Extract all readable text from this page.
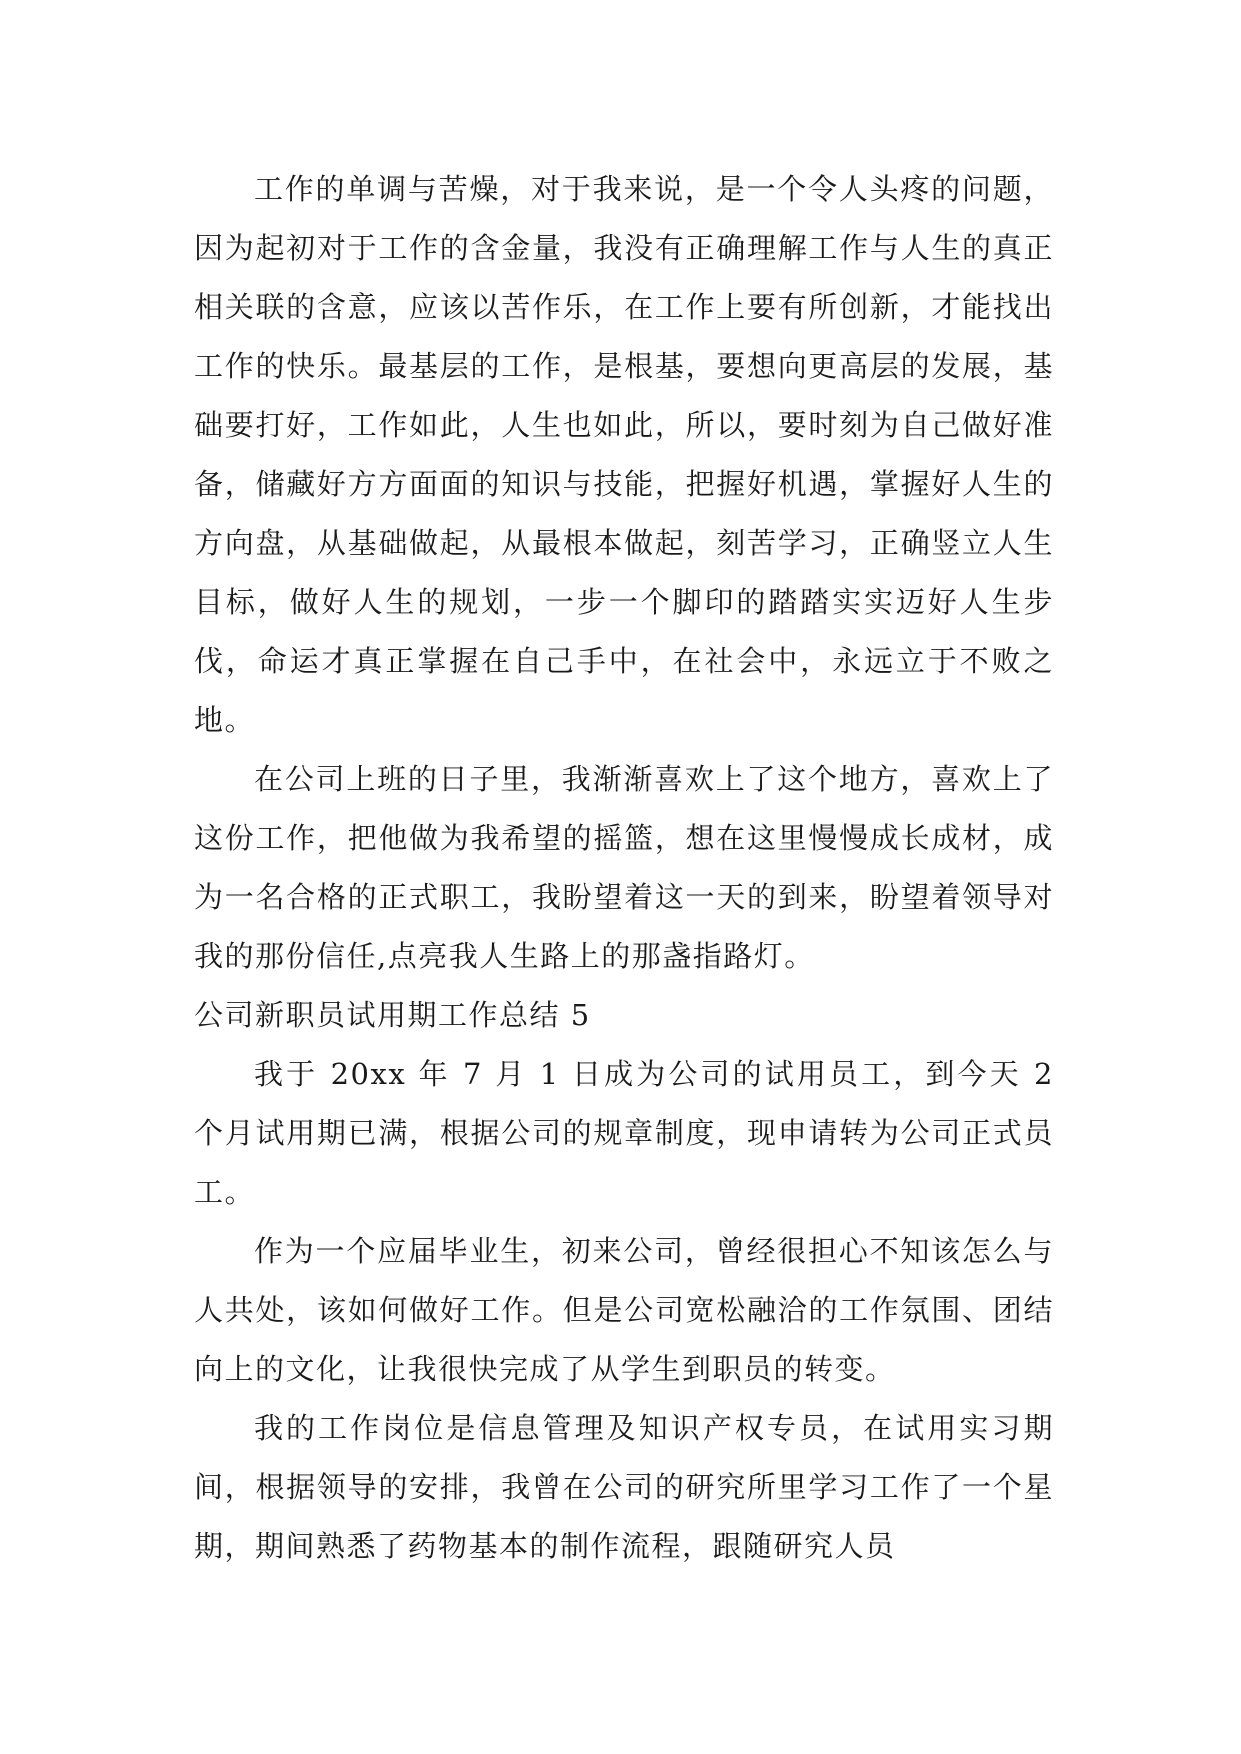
工作的单调与苦燥，对于我来说，是一个令人头疼的问题，因为起初对于工作的含金量，我没有正确理解工作与人生的真正相关联的含意，应该以苦作乐，在工作上要有所创新，才能找出工作的快乐。最基层的工作，是根基，要想向更高层的发展，基础要打好，工作如此，人生也如此，所以，要时刻为自己做好准备，储藏好方方面面的知识与技能，把握好机遇，掌握好人生的方向盘，从基础做起，从最根本做起，刻苦学习，正确竖立人生目标，做好人生的规划，一步一个脚印的踏踏实实迈好人生步伐，命运才真正掌握在自己手中，在社会中，永远立于不败之地。

在公司上班的日子里，我渐渐喜欢上了这个地方，喜欢上了这份工作，把他做为我希望的摇篮，想在这里慢慢成长成材，成为一名合格的正式职工，我盼望着这一天的到来，盼望着领导对我的那份信任,点亮我人生路上的那盏指路灯。

公司新职员试用期工作总结 5

我于 20xx 年 7 月 1 日成为公司的试用员工，到今天 2 个月试用期已满，根据公司的规章制度，现申请转为公司正式员工。

作为一个应届毕业生，初来公司，曾经很担心不知该怎么与人共处，该如何做好工作。但是公司宽松融洽的工作氛围、团结向上的文化，让我很快完成了从学生到职员的转变。

我的工作岗位是信息管理及知识产权专员，在试用实习期间，根据领导的安排，我曾在公司的研究所里学习工作了一个星期，期间熟悉了药物基本的制作流程，跟随研究人员
